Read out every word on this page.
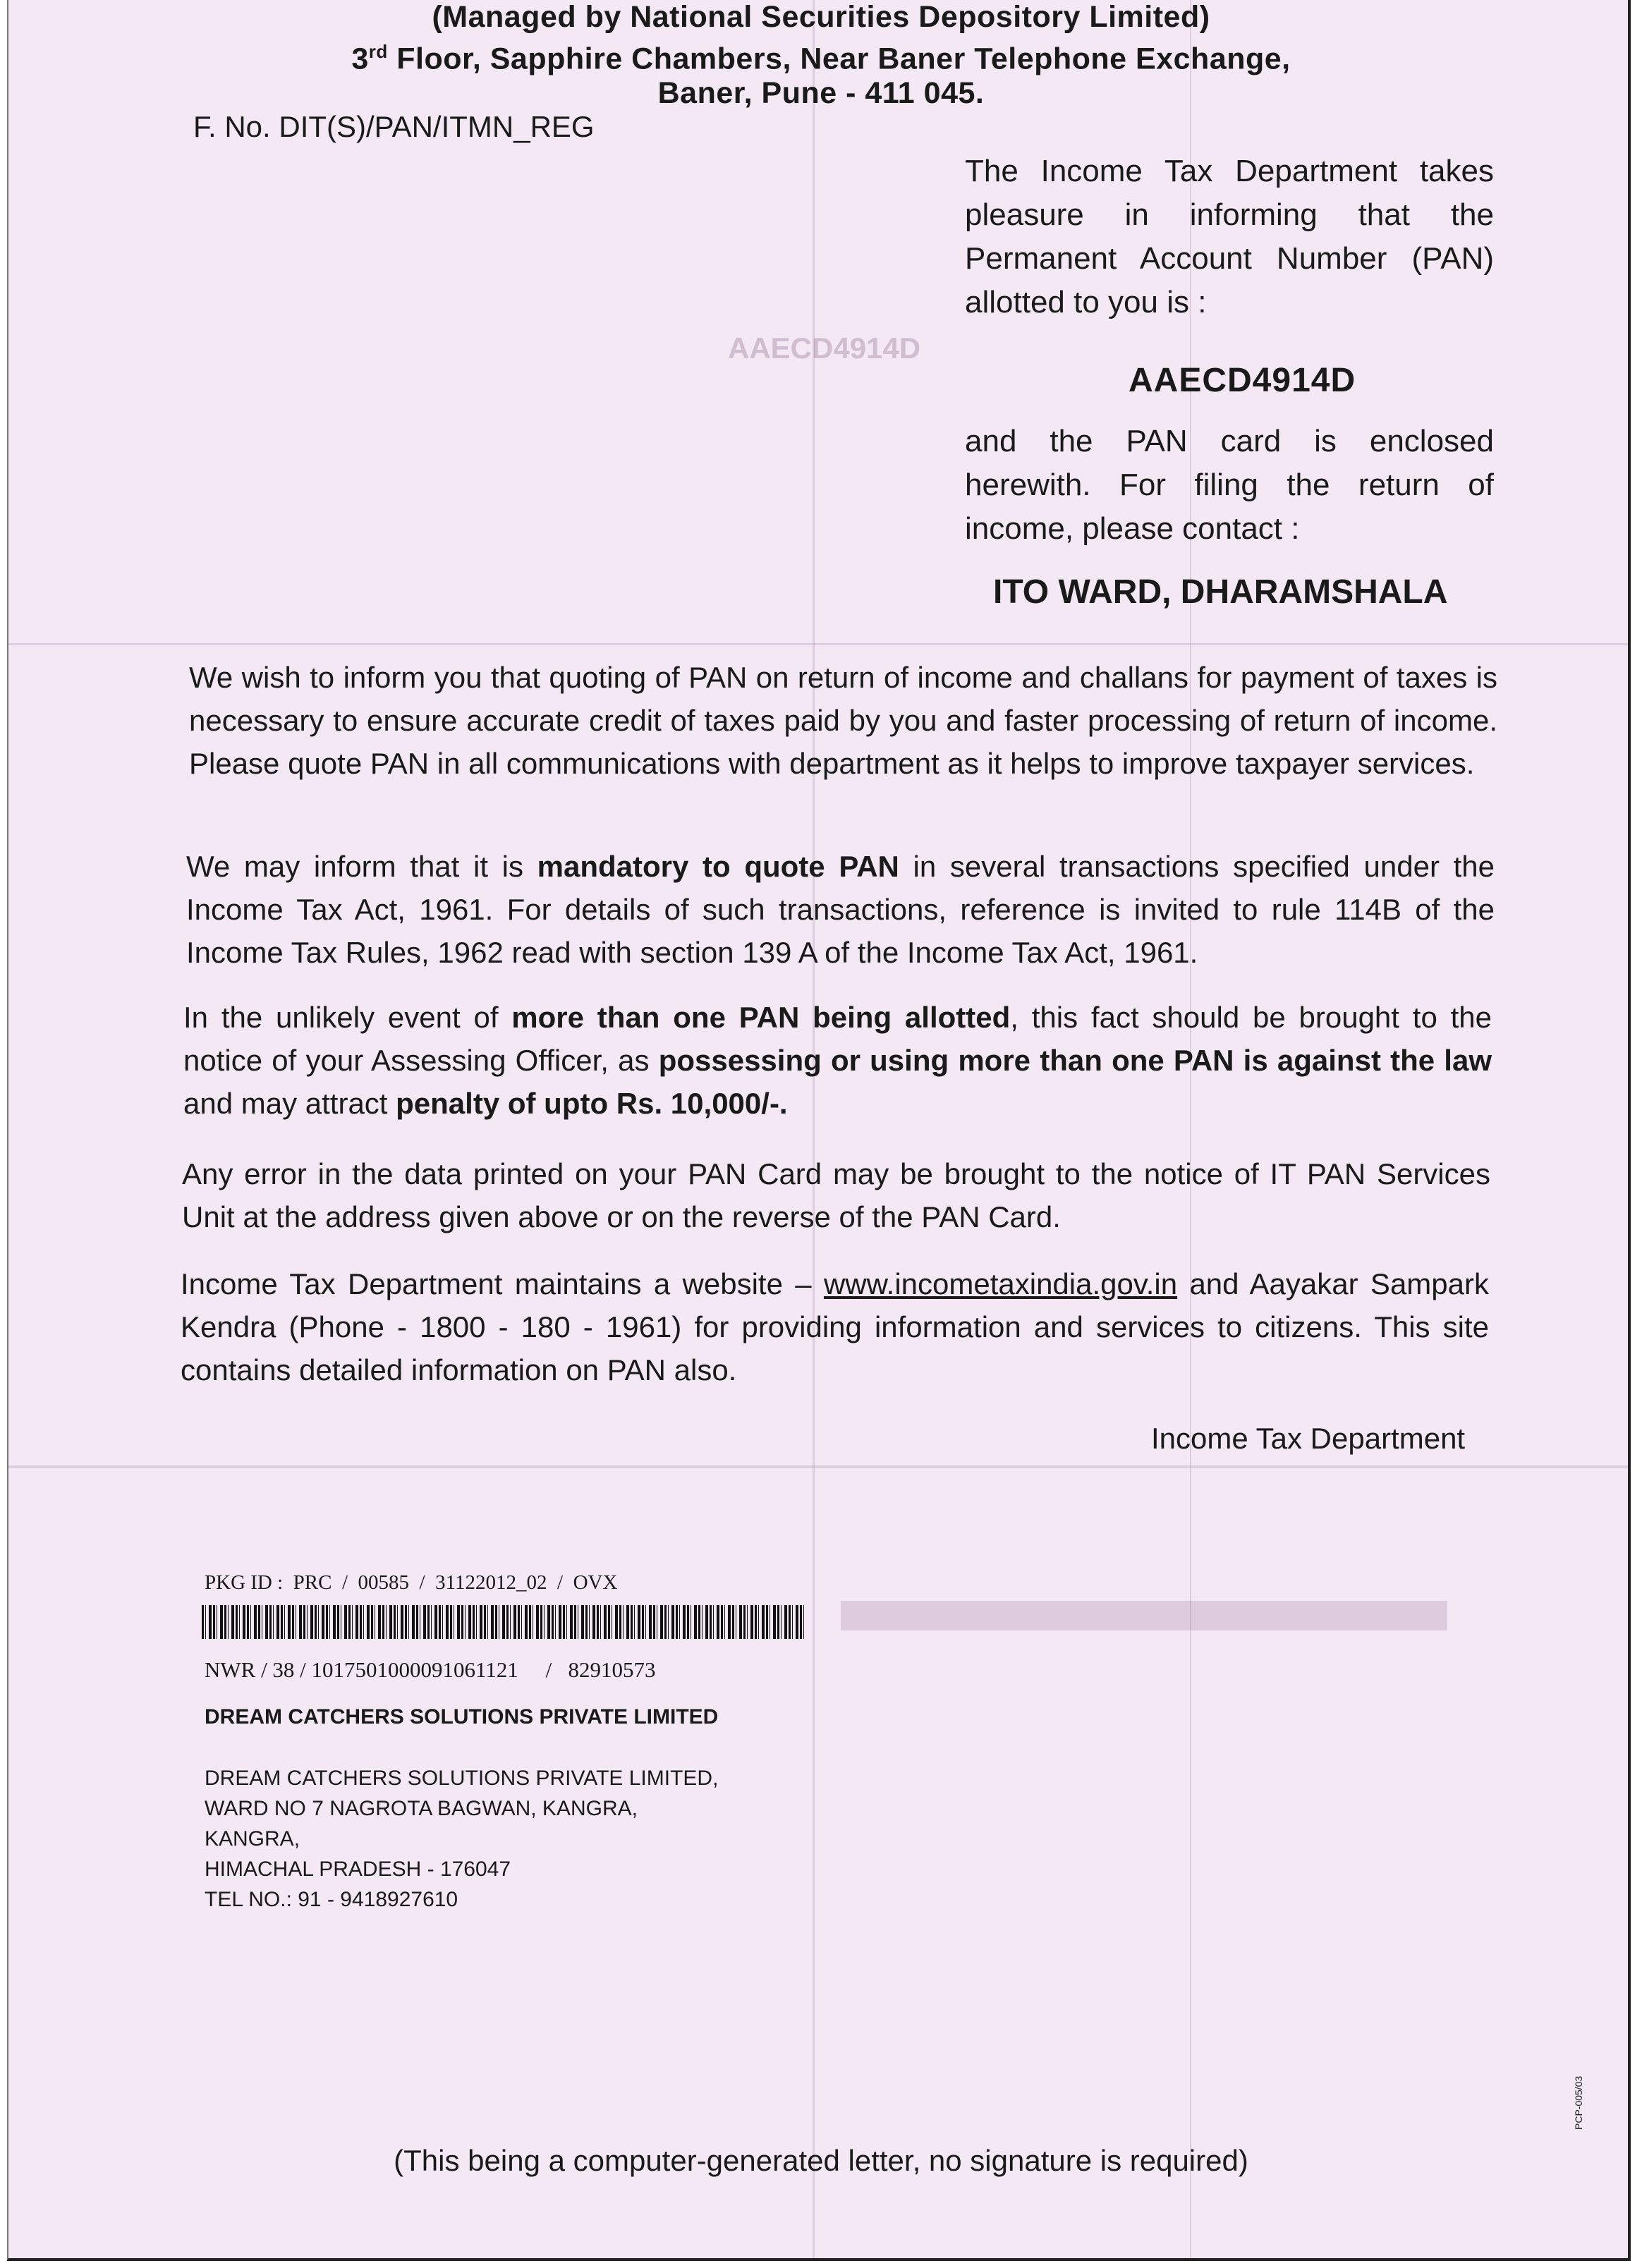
AAECD4914D
(Managed by National Securities Depository Limited)
3rd Floor, Sapphire Chambers, Near Baner Telephone Exchange,
Baner, Pune - 411 045.
F. No. DIT(S)/PAN/ITMN_REG
The Income Tax Department takes
pleasure in informing that the
Permanent Account Number (PAN)
allotted to you is :
AAECD4914D
and the PAN card is enclosed
herewith. For filing the return of
income, please contact :
ITO WARD, DHARAMSHALA
We wish to inform you that quoting of PAN on return of income and challans for payment of taxes is necessary to ensure accurate credit of taxes paid by you and faster processing of return of income. Please quote PAN in all communications with department as it helps to improve taxpayer services.
We may inform that it is mandatory to quote PAN in several transactions specified under the Income Tax Act, 1961. For details of such transactions, reference is invited to rule 114B of the Income Tax Rules, 1962 read with section 139 A of the Income Tax Act, 1961.
In the unlikely event of more than one PAN being allotted, this fact should be brought to the notice of your Assessing Officer, as possessing or using more than one PAN is against the law and may attract penalty of upto Rs. 10,000/-.
Any error in the data printed on your PAN Card may be brought to the notice of IT PAN Services Unit at the address given above or on the reverse of the PAN Card.
Income Tax Department maintains a website – www.incometaxindia.gov.in and Aayakar Sampark Kendra (Phone - 1800 - 180 - 1961) for providing information and services to citizens. This site contains detailed information on PAN also.
Income Tax Department
PKG ID :  PRC  /  00585  /  31122012_02  /  OVX
NWR / 38 / 1017501000091061121     /   82910573
DREAM CATCHERS SOLUTIONS PRIVATE LIMITED
DREAM CATCHERS SOLUTIONS PRIVATE LIMITED,
WARD NO 7 NAGROTA BAGWAN, KANGRA,
KANGRA,
HIMACHAL PRADESH - 176047
TEL NO.: 91 - 9418927610
PCP-005/03
(This being a computer-generated letter, no signature is required)
